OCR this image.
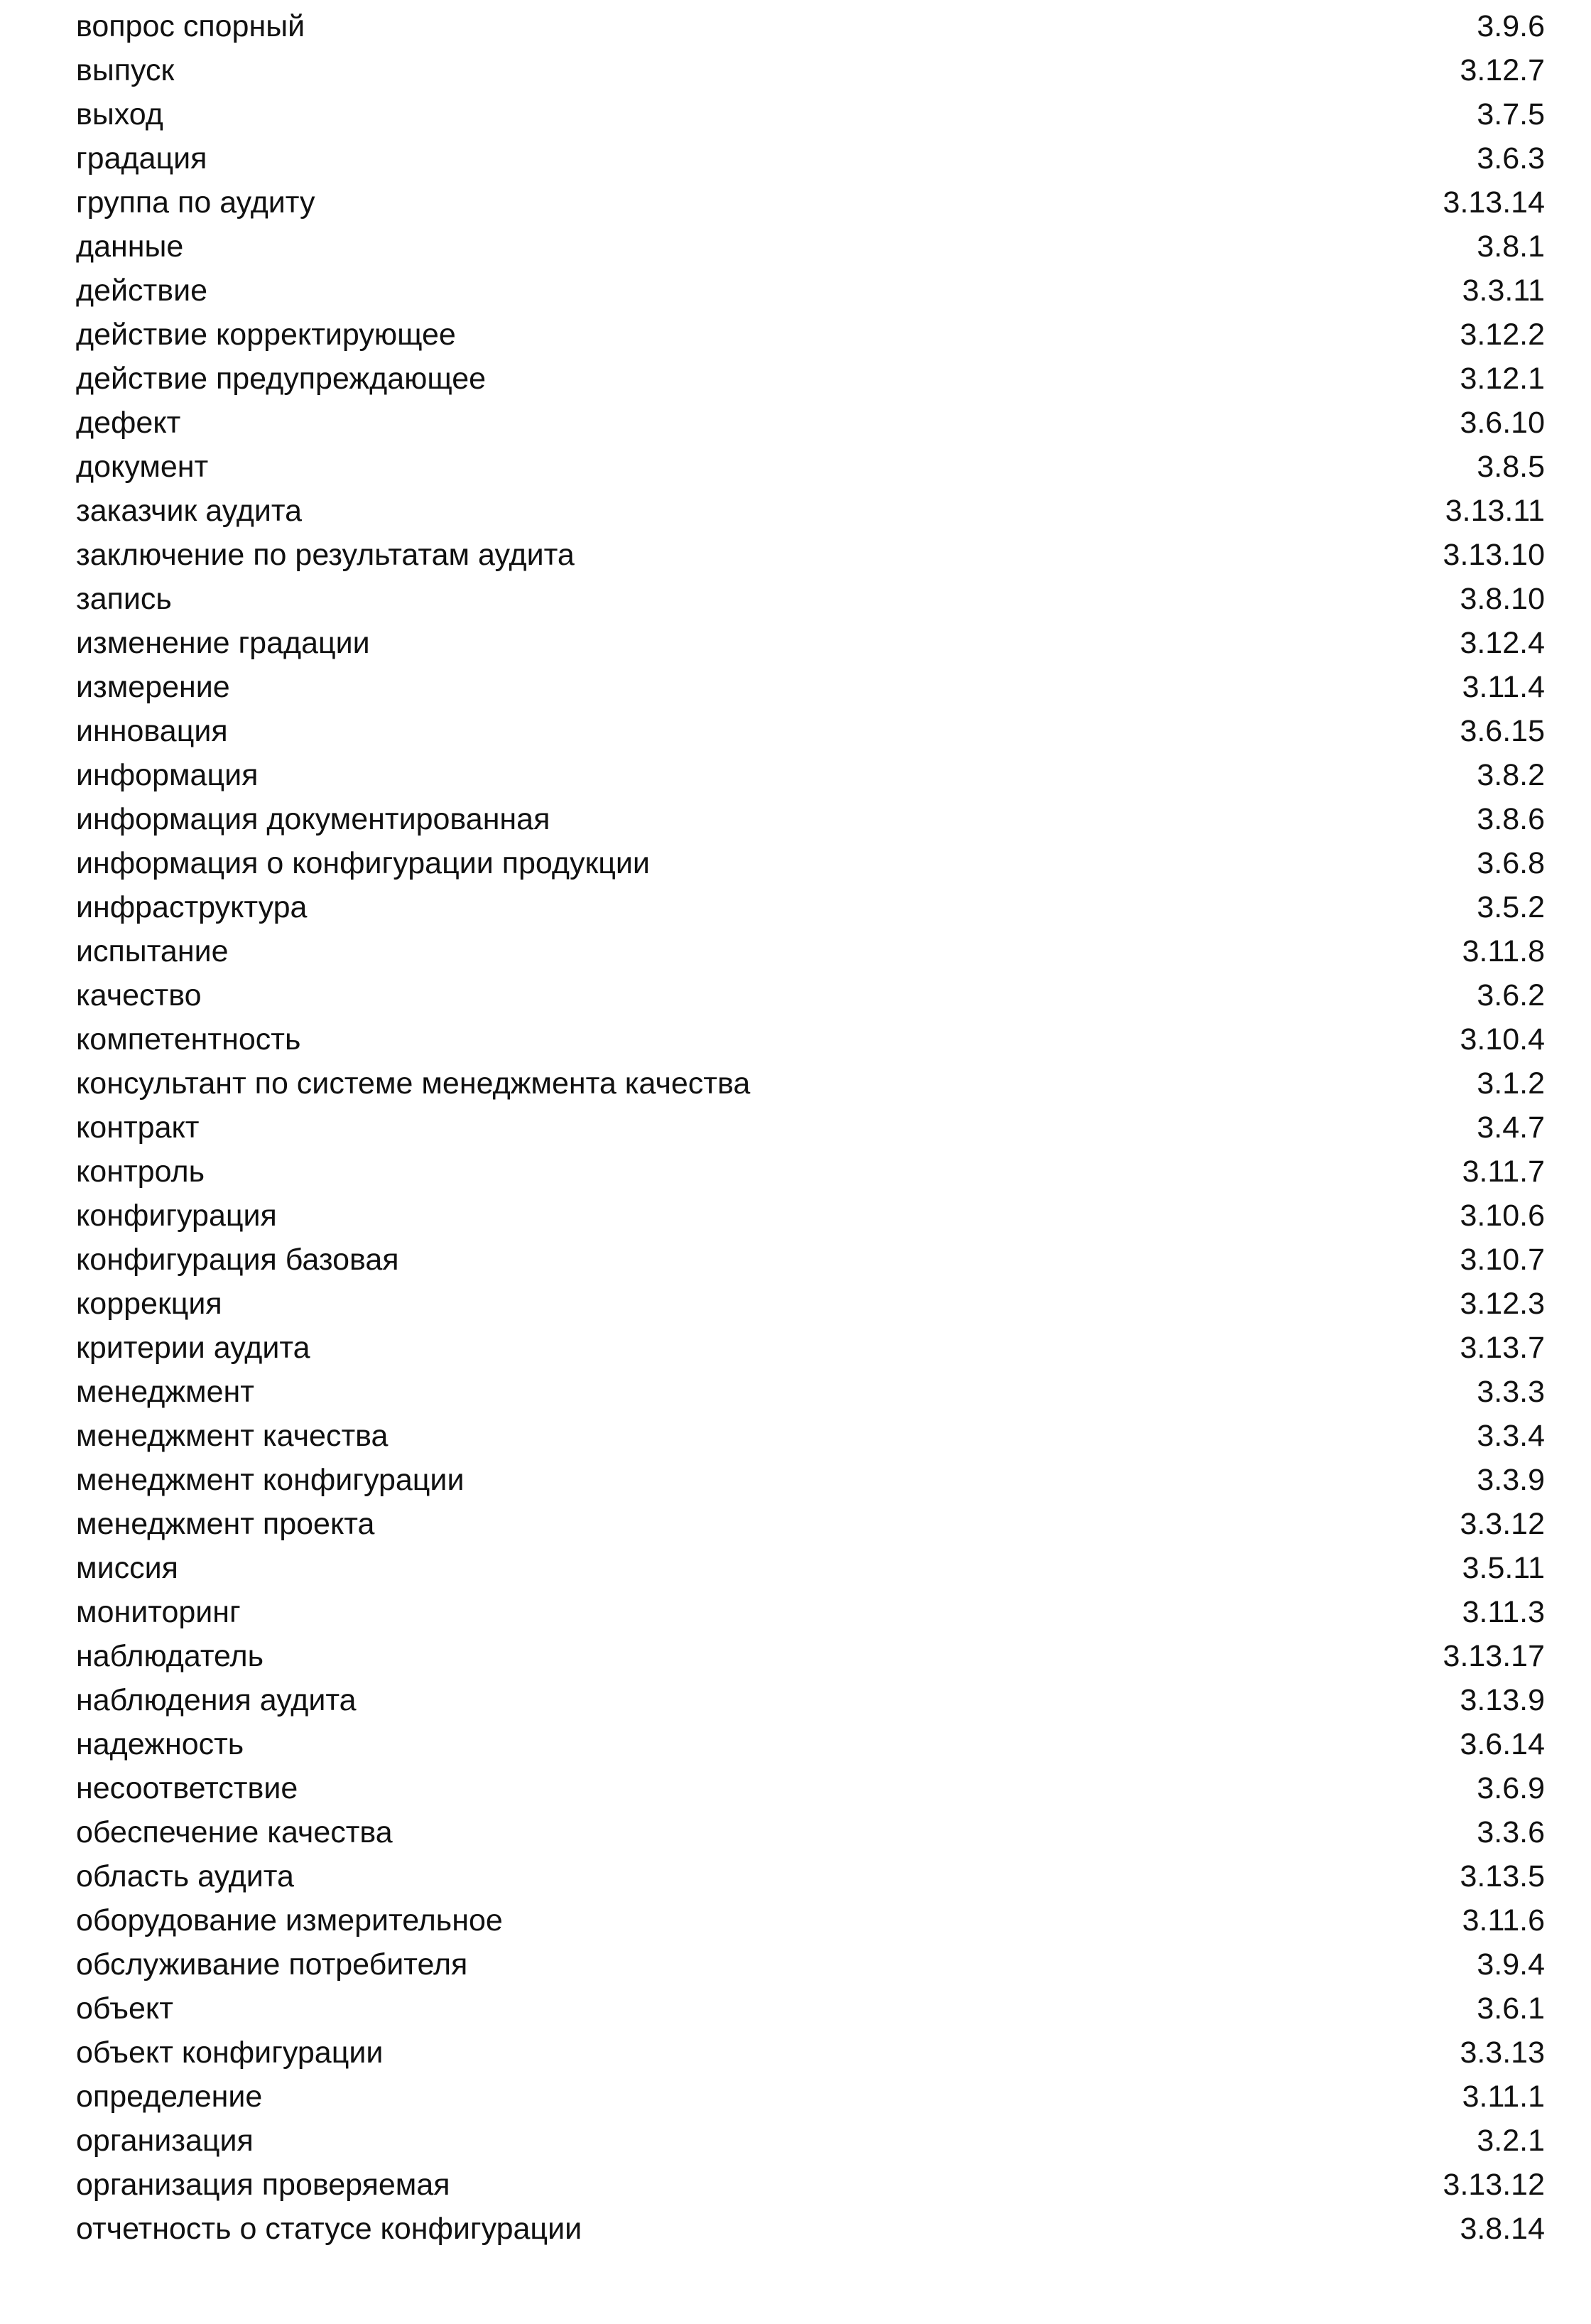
вопрос спорный	3.9.6
выпуск	3.12.7
выход	3.7.5
градация	3.6.3
группа по аудиту	3.13.14
данные	3.8.1
действие	3.3.11
действие корректирующее	3.12.2
действие предупреждающее	3.12.1
дефект	3.6.10
документ	3.8.5
заказчик аудита	3.13.11
заключение по результатам аудита	3.13.10
запись	3.8.10
изменение градации	3.12.4
измерение	3.11.4
инновация	3.6.15
информация	3.8.2
информация документированная	3.8.6
информация о конфигурации продукции	3.6.8
инфраструктура	3.5.2
испытание	3.11.8
качество	3.6.2
компетентность	3.10.4
консультант по системе менеджмента качества	3.1.2
контракт	3.4.7
контроль	3.11.7
конфигурация	3.10.6
конфигурация базовая	3.10.7
коррекция	3.12.3
критерии аудита	3.13.7
менеджмент	3.3.3
менеджмент качества	3.3.4
менеджмент конфигурации	3.3.9
менеджмент проекта	3.3.12
миссия	3.5.11
мониторинг	3.11.3
наблюдатель	3.13.17
наблюдения аудита	3.13.9
надежность	3.6.14
несоответствие	3.6.9
обеспечение качества	3.3.6
область аудита	3.13.5
оборудование измерительное	3.11.6
обслуживание потребителя	3.9.4
объект	3.6.1
объект конфигурации	3.3.13
определение	3.11.1
организация	3.2.1
организация проверяемая	3.13.12
отчетность о статусе конфигурации	3.8.14
